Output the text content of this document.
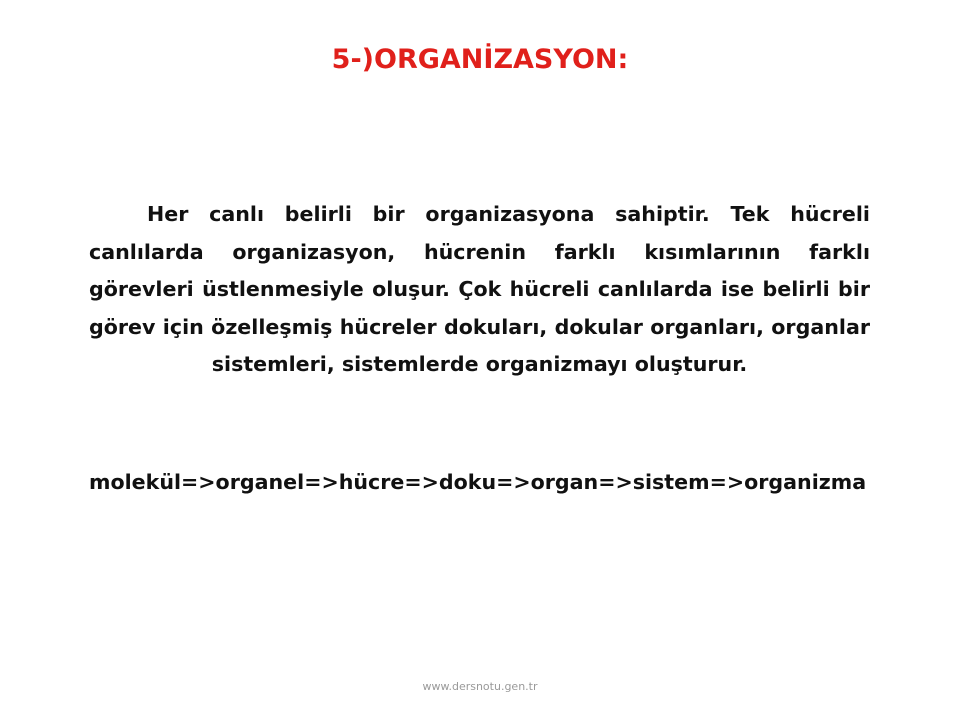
5-)ORGANİZASYON:

Her canlı belirli bir organizasyona sahiptir. Tek hücreli canlılarda organizasyon, hücrenin farklı kısımlarının farklı görevleri üstlenmesiyle oluşur. Çok hücreli canlılarda ise belirli bir görev için özelleşmiş hücreler dokuları, dokular organları, organlar sistemleri, sistemlerde organizmayı oluşturur.

molekül=>organel=>hücre=>doku=>organ=>sistem=>organizma

www.dersnotu.gen.tr
